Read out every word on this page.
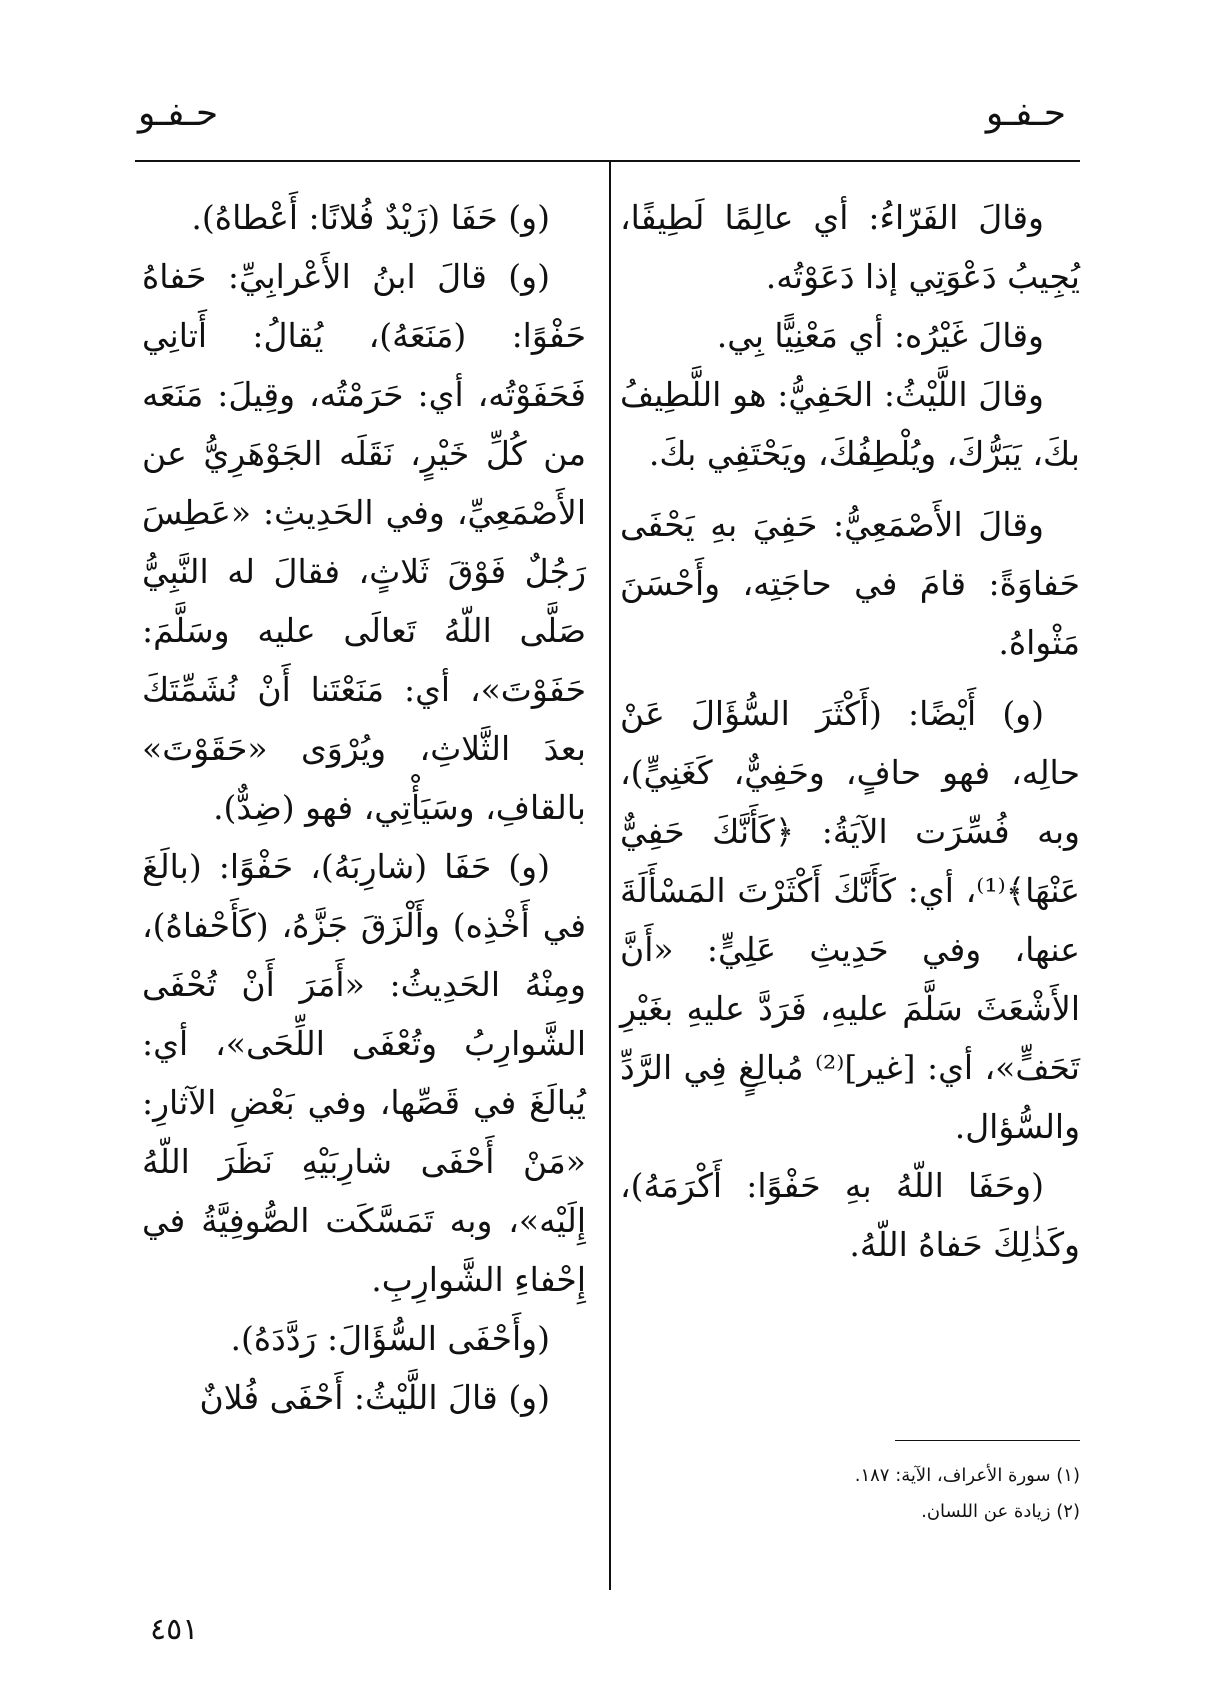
حـفـو
حـفـو

وقالَ الفَرّاءُ: أي عالِمًا لَطِيفًا، يُجِيبُ دَعْوَتِي إذا دَعَوْتُه.

وقالَ غَيْرُه: أي مَعْنِيًّا بِي.

وقالَ اللَّيْثُ: الحَفِيُّ: هو اللَّطِيفُ بكَ، يَبَرُّكَ، ويُلْطِفُكَ، ويَحْتَفِي بكَ.

وقالَ الأَصْمَعِيُّ: حَفِيَ بهِ يَحْفَى حَفاوَةً: قامَ في حاجَتِه، وأَحْسَنَ مَثْواهُ.

(و) أَيْضًا: (أَكْثَرَ السُّؤَالَ عَنْ حالِه، فهو حافٍ، وحَفِيٌّ، كَغَنِيٍّ)، وبه فُسِّرَت الآيَةُ: ﴿كَأَنَّكَ حَفِيٌّ عَنْهَا﴾⁽¹⁾، أي: كَأَنَّكَ أَكْثَرْتَ المَسْأَلَةَ عنها، وفي حَدِيثِ عَلِيٍّ: «أَنَّ الأَشْعَثَ سَلَّمَ عليهِ، فَرَدَّ عليهِ بغَيْرِ تَحَفٍّ»، أي: [غير]⁽²⁾ مُبالِغٍ فِي الرَّدِّ والسُّؤال.

(وحَفَا اللّهُ بهِ حَفْوًا: أَكْرَمَهُ)، وكَذٰلِكَ حَفاهُ اللّهُ.

(و) حَفَا (زَيْدٌ فُلانًا: أَعْطاهُ).

(و) قالَ ابنُ الأَعْرابِيِّ: حَفاهُ حَفْوًا: (مَنَعَهُ)، يُقالُ: أَتانِي فَحَفَوْتُه، أي: حَرَمْتُه، وقِيلَ: مَنَعَه من كُلِّ خَيْرٍ، نَقَلَه الجَوْهَرِيُّ عن الأَصْمَعِيِّ، وفي الحَدِيثِ: «عَطِسَ رَجُلٌ فَوْقَ ثَلاثٍ، فقالَ له النَّبِيُّ صَلَّى اللّهُ تَعالَى عليه وسَلَّمَ: حَفَوْتَ»، أي: مَنَعْتَنا أَنْ نُشَمِّتَكَ بعدَ الثَّلاثِ، ويُرْوَى «حَقَوْتَ» بالقافِ، وسَيَأْتِي، فهو (ضِدٌّ).

(و) حَفَا (شارِبَهُ)، حَفْوًا: (بالَغَ في أَخْذِه) وأَلْزَقَ جَزَّهُ، (كَأَحْفاهُ)، ومِنْهُ الحَدِيثُ: «أَمَرَ أَنْ تُحْفَى الشَّوارِبُ وتُعْفَى اللِّحَى»، أي: يُبالَغَ في قَصِّها، وفي بَعْضِ الآثارِ: «مَنْ أَحْفَى شارِبَيْهِ نَظَرَ اللّهُ إِلَيْه»، وبه تَمَسَّكَت الصُّوفِيَّةُ في إِحْفاءِ الشَّوارِبِ.

(وأَحْفَى السُّؤَالَ: رَدَّدَهُ).

(و) قالَ اللَّيْثُ: أَحْفَى فُلانٌ

(١) سورة الأعراف، الآية: ١٨٧.

(٢) زيادة عن اللسان.

٤٥١
